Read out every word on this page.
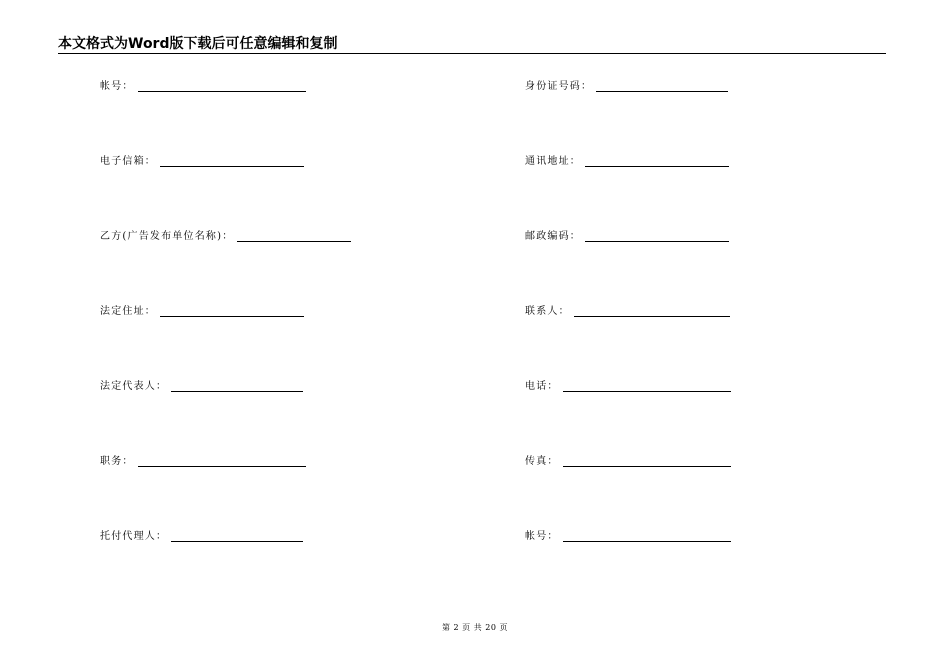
本文格式为Word版下载后可任意编辑和复制
帐号：
电子信箱：
乙方(广告发布单位名称)：
法定住址：
法定代表人：
职务：
托付代理人：
身份证号码：
通讯地址：
邮政编码：
联系人：
电话：
传真：
帐号：
第 2 页 共 20 页
